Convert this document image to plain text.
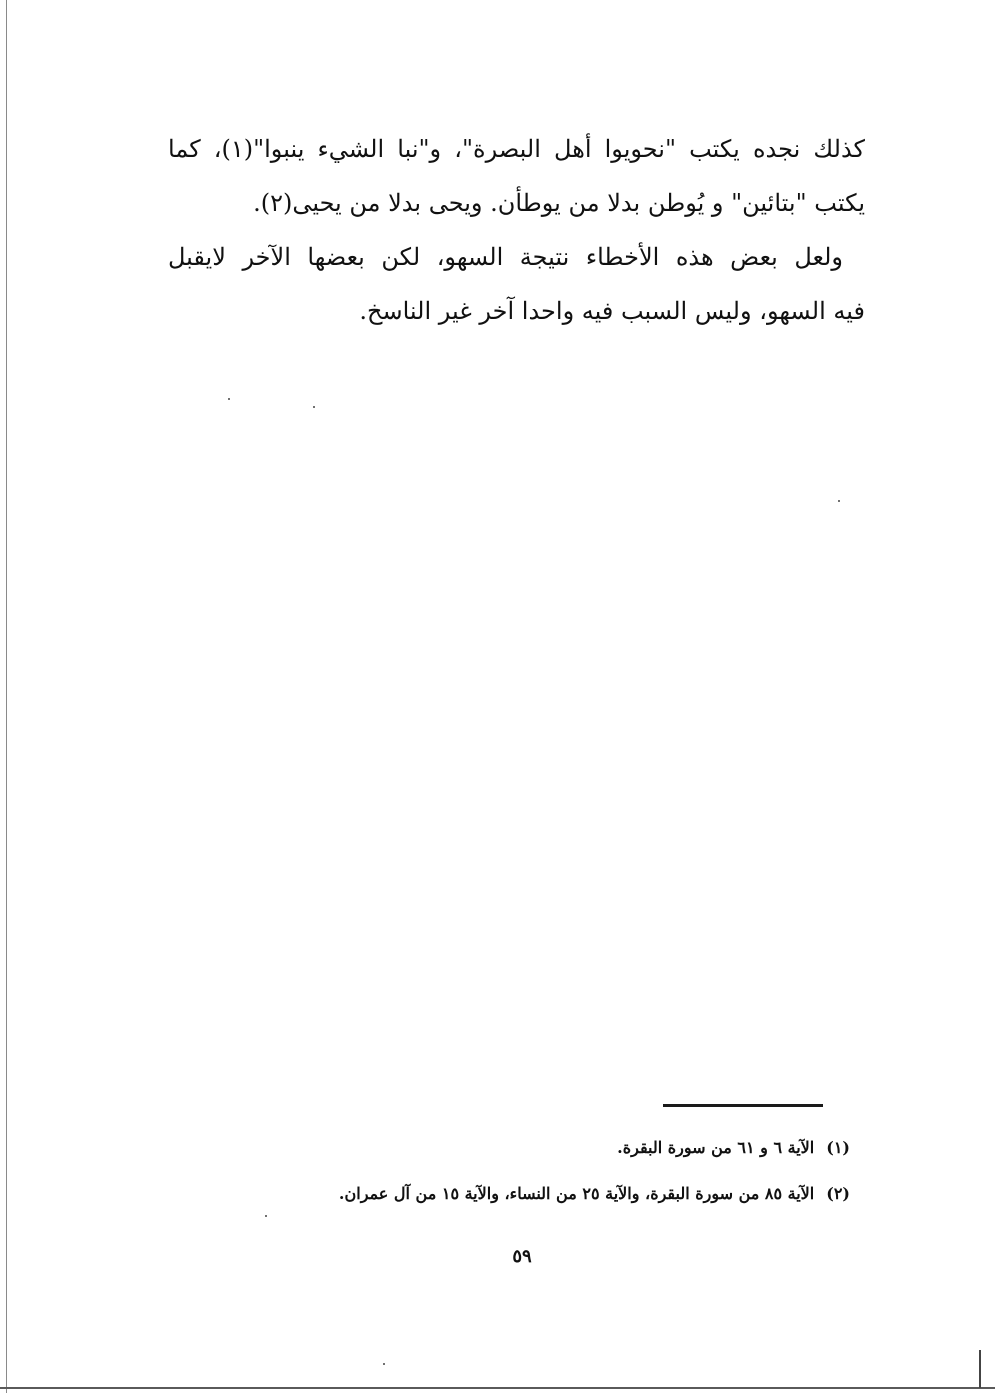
كذلك نجده يكتب "نحويوا أهل البصرة"، و"نبا الشيء ينبوا"(١)، كما
يكتب "بتائين" و يُوطن بدلا من يوطأن. ويحى بدلا من يحيى(٢).
ولعل بعض هذه الأخطاء نتيجة السهو، لكن بعضها الآخر لايقبل
فيه السهو، وليس السبب فيه واحدا آخر غير الناسخ.
(١)الآية ٦ و ٦١ من سورة البقرة.
(٢)الآية ٨٥ من سورة البقرة، والآية ٢٥ من النساء، والآية ١٥ من آل عمران.
٥٩
